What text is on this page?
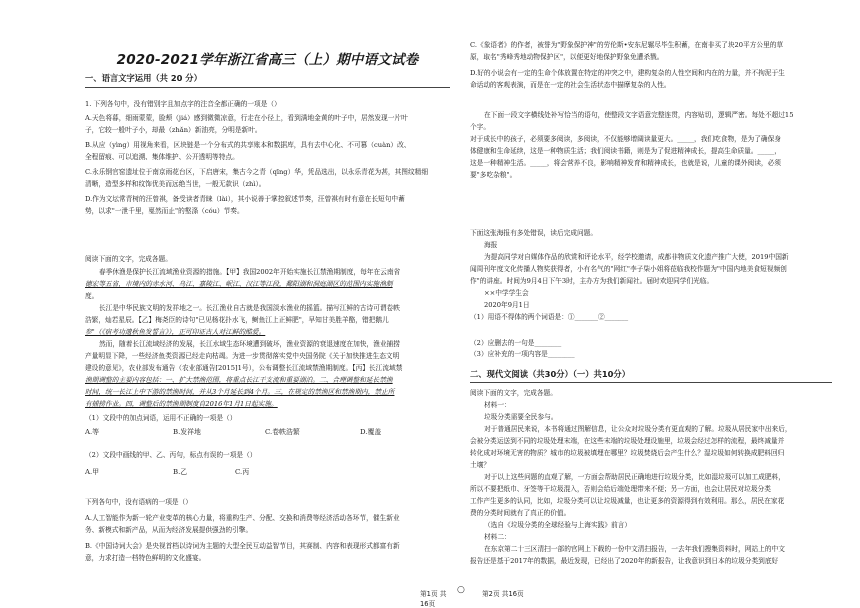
2020-2021学年浙江省高三（上）期中语文试卷
一、语言文字运用（共 20 分）
1. 下列各句中，没有错别字且加点字的注音全都正确的一项是（）
A.天色将暮，细雨蒙蒙，脸颊（jiá）感到微微凉意，行走在小径上，看到满地金黄的叶子中，居然发现一片叶
子，它较一般叶子小，却最（zhǎn）新油亮，分明是新叶。
B.从应（yìng）用视角来看，区块链是一个分布式的共享账本和数据库，具有去中心化、不可篡（cuàn）改、
全程留痕、可以追溯、集体维护、公开透明等特点。
C.永乐钢官窑遗址位于南京雨花台区，下启唐宋，集古今之青（qīng）华，凭品选出，以永乐青花为甚，其图纹精细
清晰，造型多样和纹饰优美而远绝当世，一般无款识（zhì）。
D.作为文坛常青树的汪曾祺，备受读者青睐（lài），其小说善于掌控叙述节奏，汪曾祺有时有意在长短句中蓄
势，以求"一泄千里，戛然而止"的壑涤（cóu）节奏。
阅读下面的文字，完成各题。
春季休渔是保护长江流域渔业资源的措施。【甲】我国2002年开始实施长江禁渔期制度，每年在云南省
德宏等五省，市境内的赤水河、乌江、嘉陵江、岷江、汉江等江段，鄱阳湖和洞庭湖区的范围内实施渔制
度。
长江是中华民族文明的发祥地之一。长江渔业自古就是我国淡水渔业的摇篮。描写江鲜的古诗可谓卷帙
浩繁，灿若星辰。【乙】梅尧臣的诗句"已见杨花扑水飞，鲥鱼江上正鲜肥"，早知甘美胜羊酪，错把鹅儿
参"（《宿考功遗秋鱼发誓言》），正可印证古人对江鲜的酷爱。
然而，随着长江流域经济的发展，长江水域生态环境遭到破坏，渔业资源的衰退速度在加快，渔业捕捞
产量明显下降，一些经济鱼类资源已经走向枯竭。为进一步贯彻落实党中央国务院《关于加快推进生态文明
建设的意见》，农业部发布通告（农业部通告[2015]1号），公布调整长江流域禁渔期制度。【丙】长江流域禁
渔期调整的主要内容包括：一、扩大禁渔范围，将重点长江干支流和重要湖泊。二、合理调整和延长禁渔
时间，统一长江上中下游的禁渔时间，并从3个月延长到4个月。三，在规定的禁渔区和禁渔期内，禁止所
有捕捞作业。四，调整后的禁渔期制度自2016年1月1日起实施。
（1）文段中的加点词语，运用不正确的一项是（）
A.等	B.发祥地	C.卷帙浩繁	D.覆盖
（2）文段中画线的甲、乙、丙句，标点有误的一项是（）
A.甲	B.乙	C.丙
下列各句中，没有语病的一项是（）
A.人工智能作为新一轮产业变革的核心力量，将重构生产、分配、交换和消费等经济活动各环节，催生新业
务、新模式和新产品，从而为经济发展提供强劲的引擎。
B.《中国诗词大会》是央视首档以诗词为主题的大型全民互动益智节目，其赛制、内容和表现形式都富有新
意，力求打造一档特色鲜明的文化盛宴。
第1页 共16页
○
C.《象语者》的作者，被誉为"野象保护神"的劳伦斯•安东尼辗尽毕生积蓄，在南非买了块20平方公里的草
原，取名"秀峰秀地动物保护区"，以便更好地保护野象免遭杀戮。
D.好的小说会有一定的生命个体放置在特定的冲突之中，建构复杂的人性空间和内在的力量，并不拘泥于生
命话动的客观表演，而是在一定的社会生活状态中描摩复杂的人性。
在下面一段文字横线处补写恰当的语句，使整段文字语意完整连贯，内容贴切，逻辑严密。每处不超过15
个字。
对于成长中的孩子，必须要多阅读，多阅读，不仅能够增阔读量更大。_____，我们吃食物，是为了确保身
体健康和生命延续，这是一种物质生活；我们阅读书籍，则是为了促进精神成长，提高生命质量。_____，
这是一种精神生活。_____，将会营养不良，影响精神发育和精神成长，也就是说，儿童的课外阅读，必须
要"多吃杂粮"。
下面这张海报有多处错误，读后完成问题。
海报
为提高同学对自媒体作品的欣赏和评论水平，经学校邀请，成都非物质文化遗产推广大使，2019中国新
闻周刊年度文化传播人物奖获得者，小有名气的"网红"李子柒小姐将莅临我校作题为"中国内地美食短视频创
作"的讲座。时间为9月4日下午3时，主办方为我们新闻社。届时欢迎同学们光临。
××中学学生会
2020年9月1日
（1）用语不得体的两个词语是：①_______②_______
（2）应删去的一句是________
（3）应补充的一项内容是________
二、现代文阅读（共30分）（一）共10分）
阅读下面的文字，完成各题。
材料一：
垃圾分类需要全民参与。
对于普通居民来说，本书将通过图解信息，让公众对垃圾分类有更直观的了解。垃圾从居民家中出来后，
会被分类运送到不同的垃圾处理末端，在这些末端的垃圾处理设施里，垃圾会经过怎样的流程，最终减量并
转化成对环境无害的物质？城市的垃圾被填埋在哪里？垃圾焚烧后会产生什么？湿垃圾如何转换成肥料回归
土壤？
对于以上这些问题的直观了解，一方面会帮助居民正确地进行垃圾分类，比如湿垃圾可以加工成肥料，
所以不要把纸巾、牙签等干垃圾混入，否则会给后端处理带来不便；另一方面，也会让居民对垃圾分类
工作产生更多的认同，比如，垃圾分类可以让垃圾减量，也让更多的资源得到有效利用。那么，居民在家花
费的分类时间就有了真正的价值。
（选自《垃圾分类的全球经验与上海实践》前言）
材料二：
在东京第二十三区清扫一部的官网上下载的一份中文清扫报告，一去年我们搜集资料时，网站上的中文
报告还是基于2017年的数据，最近发现，已经出了2020年的新报告，让我意识到日本的垃圾分类到底好
第2页 共16页
